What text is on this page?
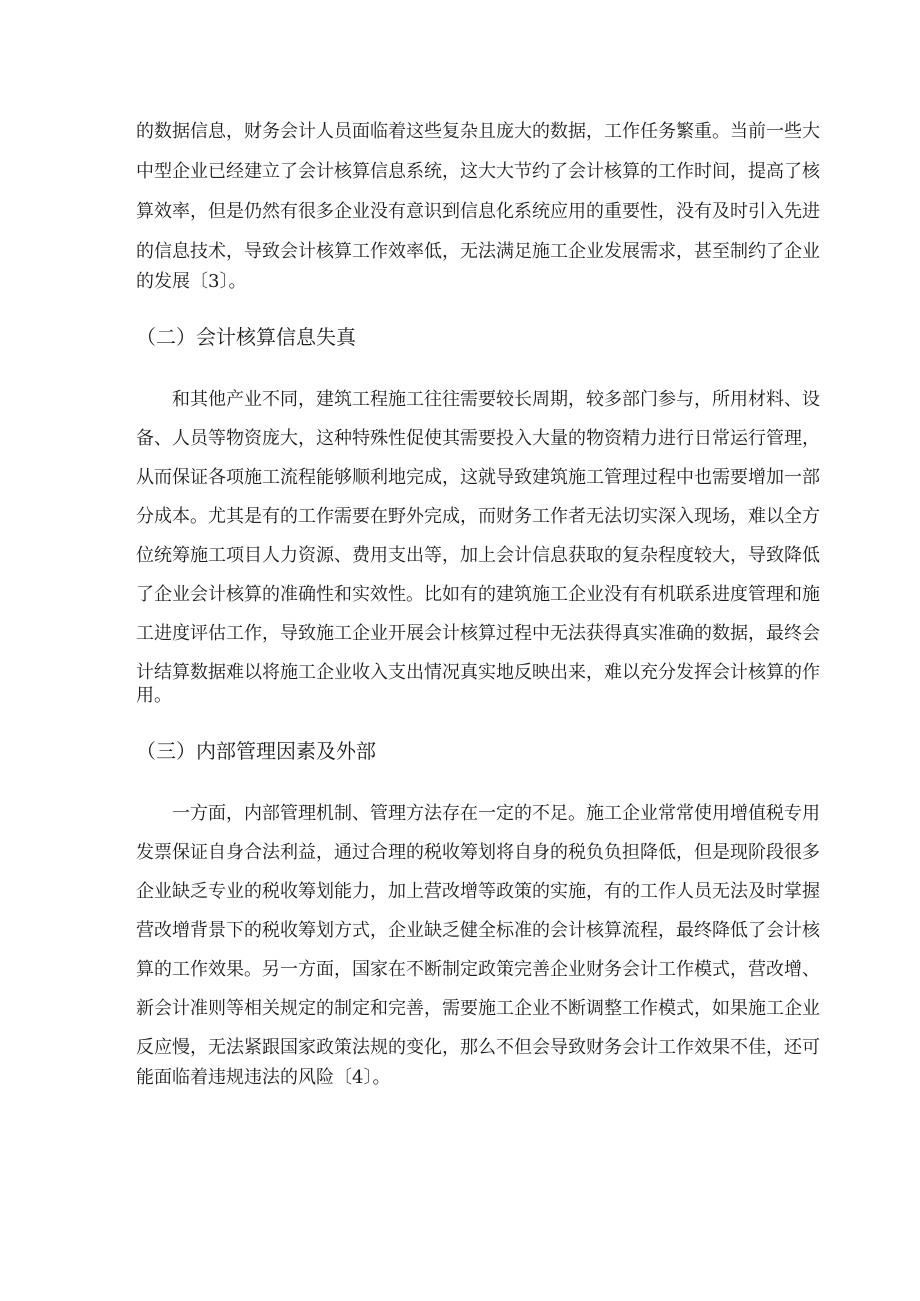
的数据信息，财务会计人员面临着这些复杂且庞大的数据，工作任务繁重。当前一些大
中型企业已经建立了会计核算信息系统，这大大节约了会计核算的工作时间，提高了核
算效率，但是仍然有很多企业没有意识到信息化系统应用的重要性，没有及时引入先进
的信息技术，导致会计核算工作效率低，无法满足施工企业发展需求，甚至制约了企业
的发展〔3〕。
（二）会计核算信息失真
和其他产业不同，建筑工程施工往往需要较长周期，较多部门参与，所用材料、设
备、人员等物资庞大，这种特殊性促使其需要投入大量的物资精力进行日常运行管理，
从而保证各项施工流程能够顺利地完成，这就导致建筑施工管理过程中也需要增加一部
分成本。尤其是有的工作需要在野外完成，而财务工作者无法切实深入现场，难以全方
位统筹施工项目人力资源、费用支出等，加上会计信息获取的复杂程度较大，导致降低
了企业会计核算的准确性和实效性。比如有的建筑施工企业没有有机联系进度管理和施
工进度评估工作，导致施工企业开展会计核算过程中无法获得真实准确的数据，最终会
计结算数据难以将施工企业收入支出情况真实地反映出来，难以充分发挥会计核算的作
用。
（三）内部管理因素及外部
一方面，内部管理机制、管理方法存在一定的不足。施工企业常常使用增值税专用
发票保证自身合法利益，通过合理的税收筹划将自身的税负负担降低，但是现阶段很多
企业缺乏专业的税收筹划能力，加上营改增等政策的实施，有的工作人员无法及时掌握
营改增背景下的税收筹划方式，企业缺乏健全标准的会计核算流程，最终降低了会计核
算的工作效果。另一方面，国家在不断制定政策完善企业财务会计工作模式，营改增、
新会计准则等相关规定的制定和完善，需要施工企业不断调整工作模式，如果施工企业
反应慢，无法紧跟国家政策法规的变化，那么不但会导致财务会计工作效果不佳，还可
能面临着违规违法的风险〔4〕。
